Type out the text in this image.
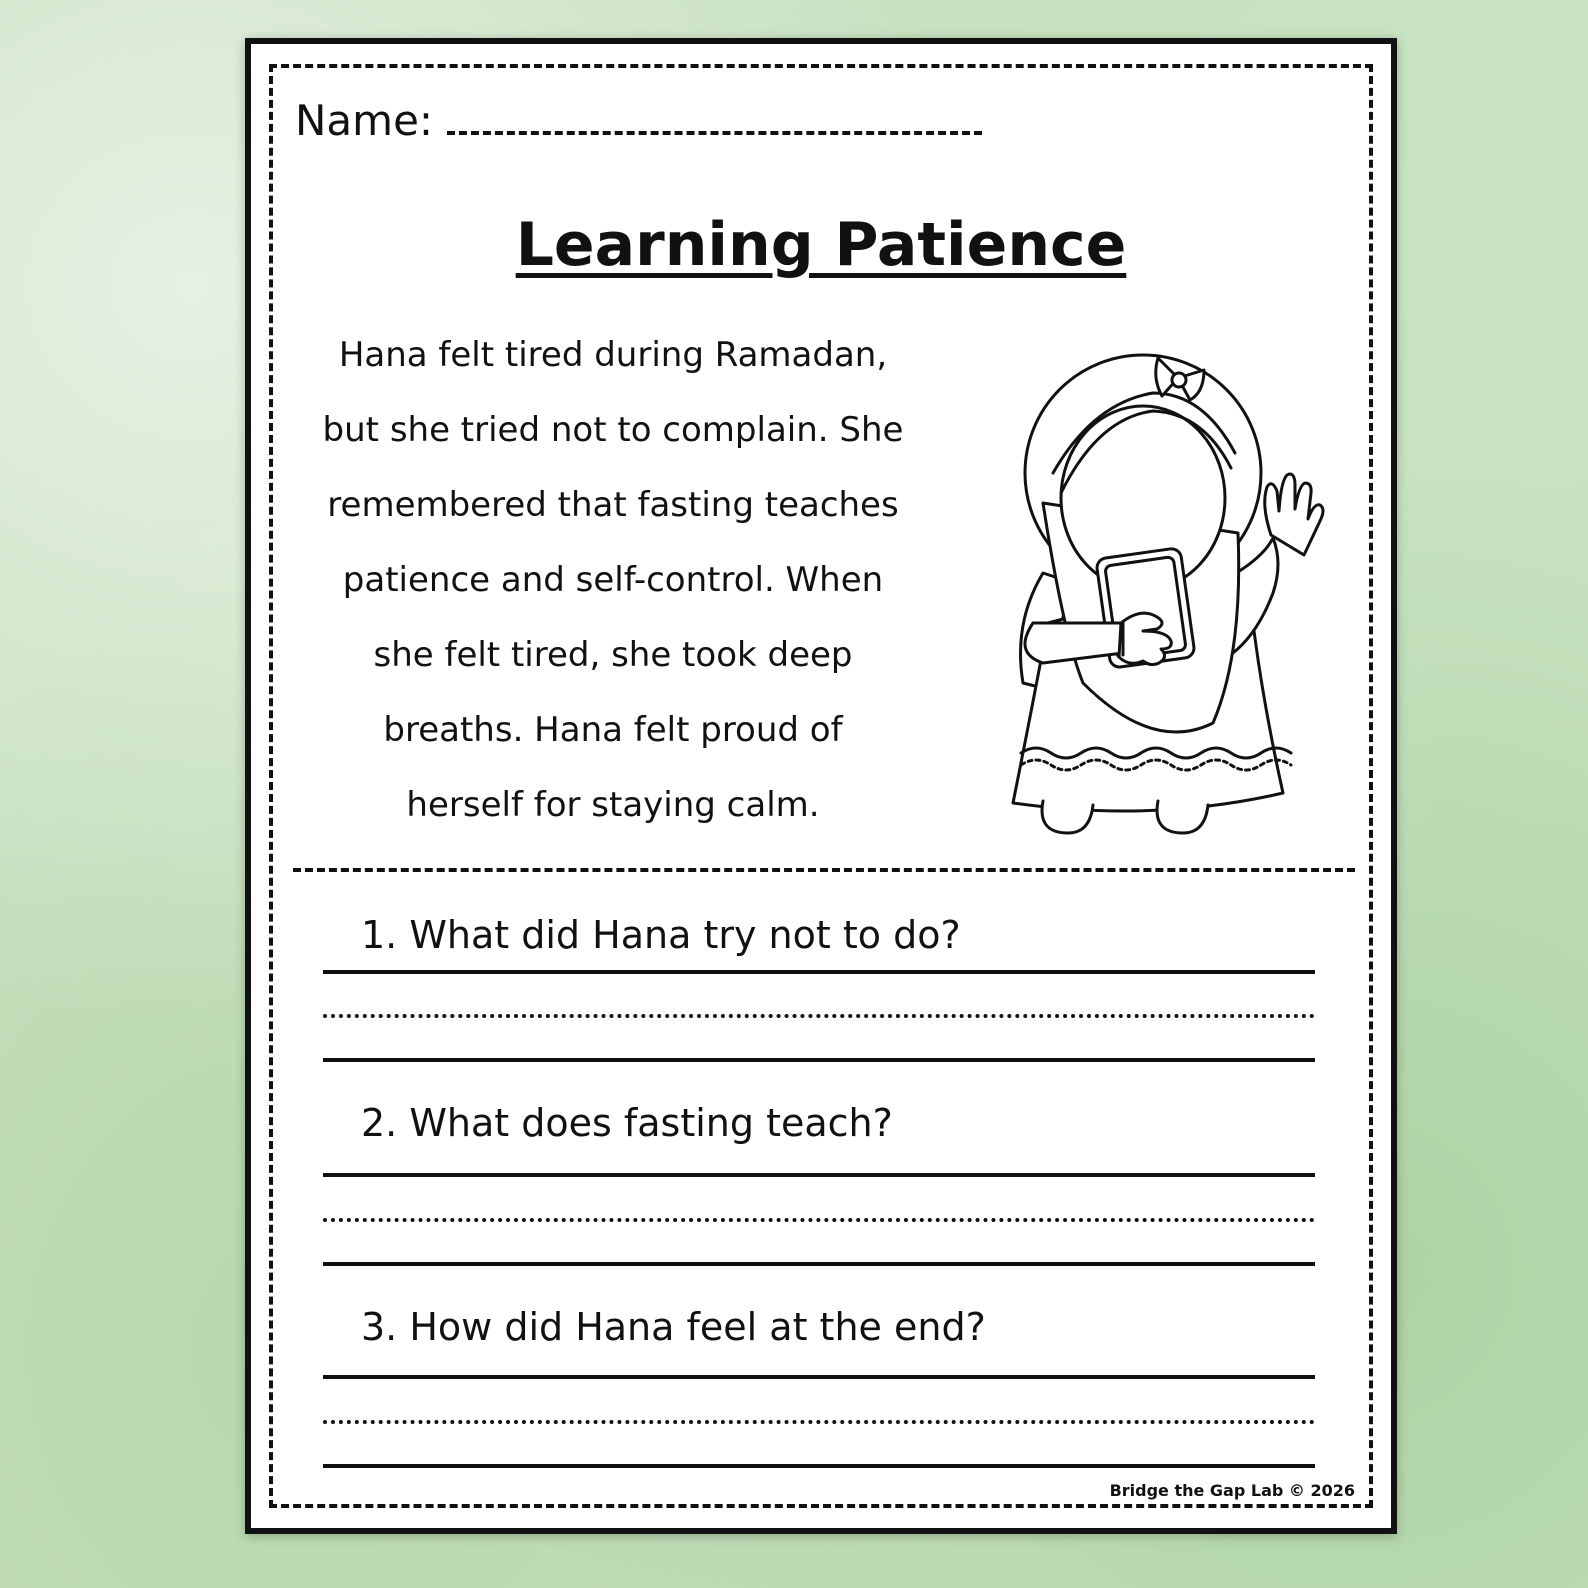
Name:
Learning Patience

Hana felt tired during Ramadan,

but she tried not to complain. She

remembered that fasting teaches

patience and self-control. When

she felt tired, she took deep

breaths. Hana felt proud of

herself for staying calm.

1. What did Hana try not to do?
2. What does fasting teach?
3. How did Hana feel at the end?
Bridge the Gap Lab © 2026
